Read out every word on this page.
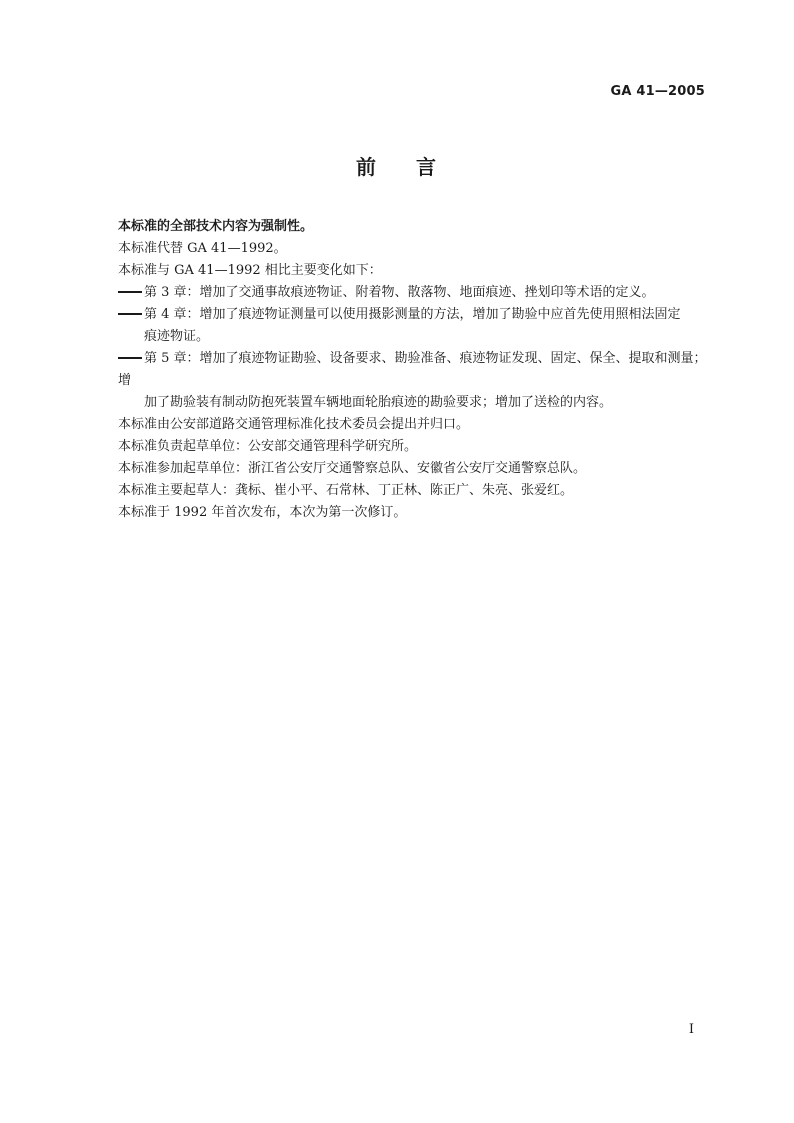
GA 41—2005
前 言

本标准的全部技术内容为强制性。

本标准代替 GA 41—1992。

本标准与 GA 41—1992 相比主要变化如下：

第 3 章：增加了交通事故痕迹物证、附着物、散落物、地面痕迹、挫划印等术语的定义。
第 4 章：增加了痕迹物证测量可以使用摄影测量的方法，增加了勘验中应首先使用照相法固定
痕迹物证。
第 5 章：增加了痕迹物证勘验、设备要求、勘验准备、痕迹物证发现、固定、保全、提取和测量；增
加了勘验装有制动防抱死装置车辆地面轮胎痕迹的勘验要求；增加了送检的内容。

本标准由公安部道路交通管理标准化技术委员会提出并归口。

本标准负责起草单位：公安部交通管理科学研究所。

本标准参加起草单位：浙江省公安厅交通警察总队、安徽省公安厅交通警察总队。

本标准主要起草人：龚标、崔小平、石常林、丁正林、陈正广、朱亮、张爱红。

本标准于 1992 年首次发布，本次为第一次修订。

I
